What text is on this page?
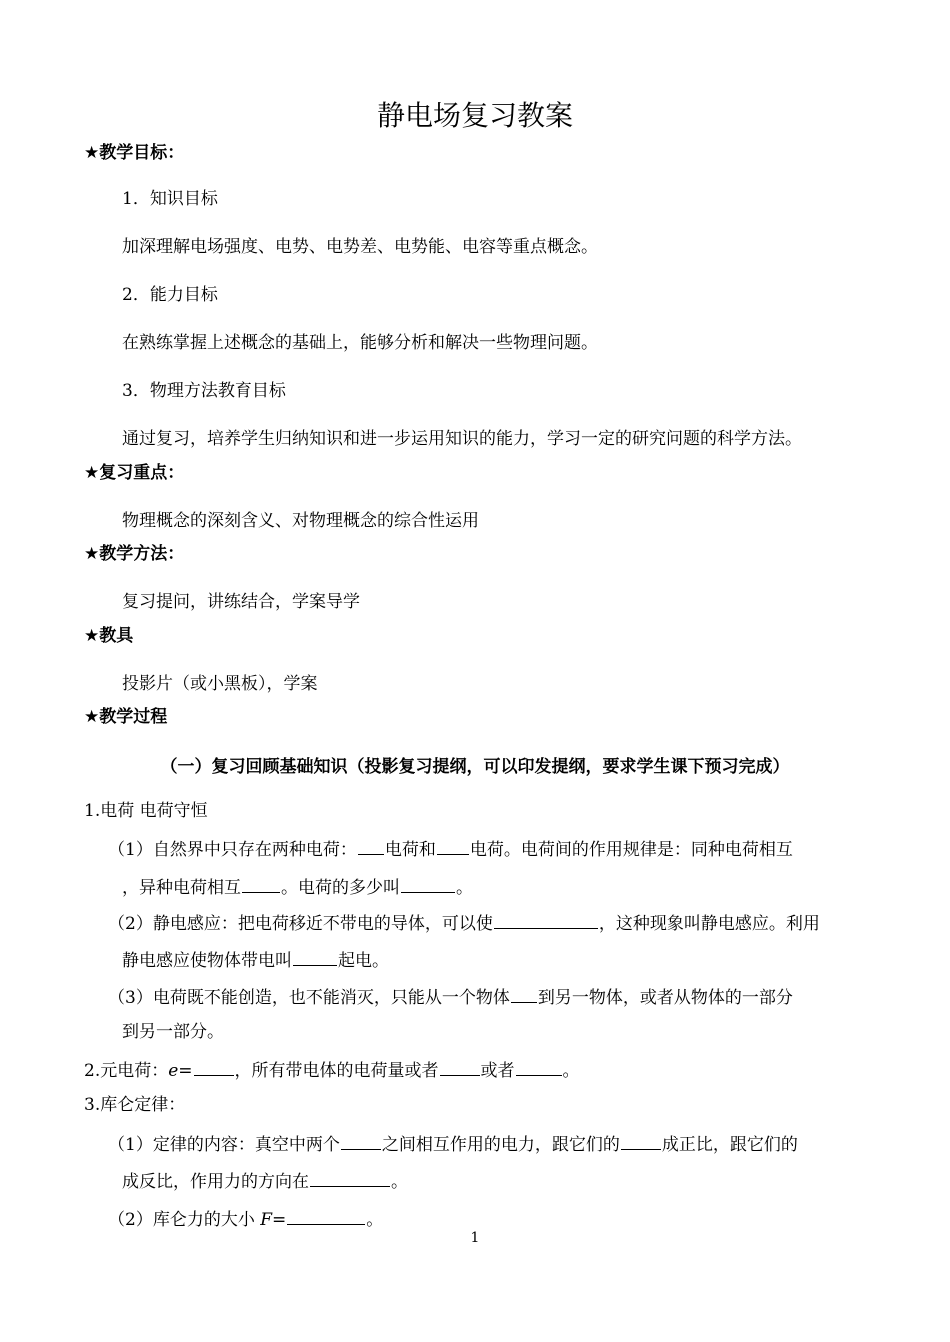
静电场复习教案
★教学目标：
1．知识目标
加深理解电场强度、电势、电势差、电势能、电容等重点概念。
2．能力目标
在熟练掌握上述概念的基础上，能够分析和解决一些物理问题。
3．物理方法教育目标
通过复习，培养学生归纳知识和进一步运用知识的能力，学习一定的研究问题的科学方法。
★复习重点：
物理概念的深刻含义、对物理概念的综合性运用
★教学方法：
复习提问，讲练结合，学案导学
★教具
投影片（或小黑板），学案
★教学过程
（一）复习回顾基础知识（投影复习提纲，可以印发提纲，要求学生课下预习完成）
1.电荷 电荷守恒
（1）自然界中只存在两种电荷： 电荷和 电荷。电荷间的作用规律是：同种电荷相互
，异种电荷相互 。电荷的多少叫	。
（2）静电感应：把电荷移近不带电的导体，可以使	，这种现象叫静电感应。利用
静电感应使物体带电叫	起电。
（3）电荷既不能创造，也不能消灭，只能从一个物体 到另一物体，或者从物体的一部分
到另一部分。
2.元电荷：e= ，所有带电体的电荷量或者 或者	。
3.库仑定律：
（1）定律的内容：真空中两个 之间相互作用的电力，跟它们的 成正比，跟它们的
成反比，作用力的方向在	。
（2）库仑力的大小 F=	。
1
